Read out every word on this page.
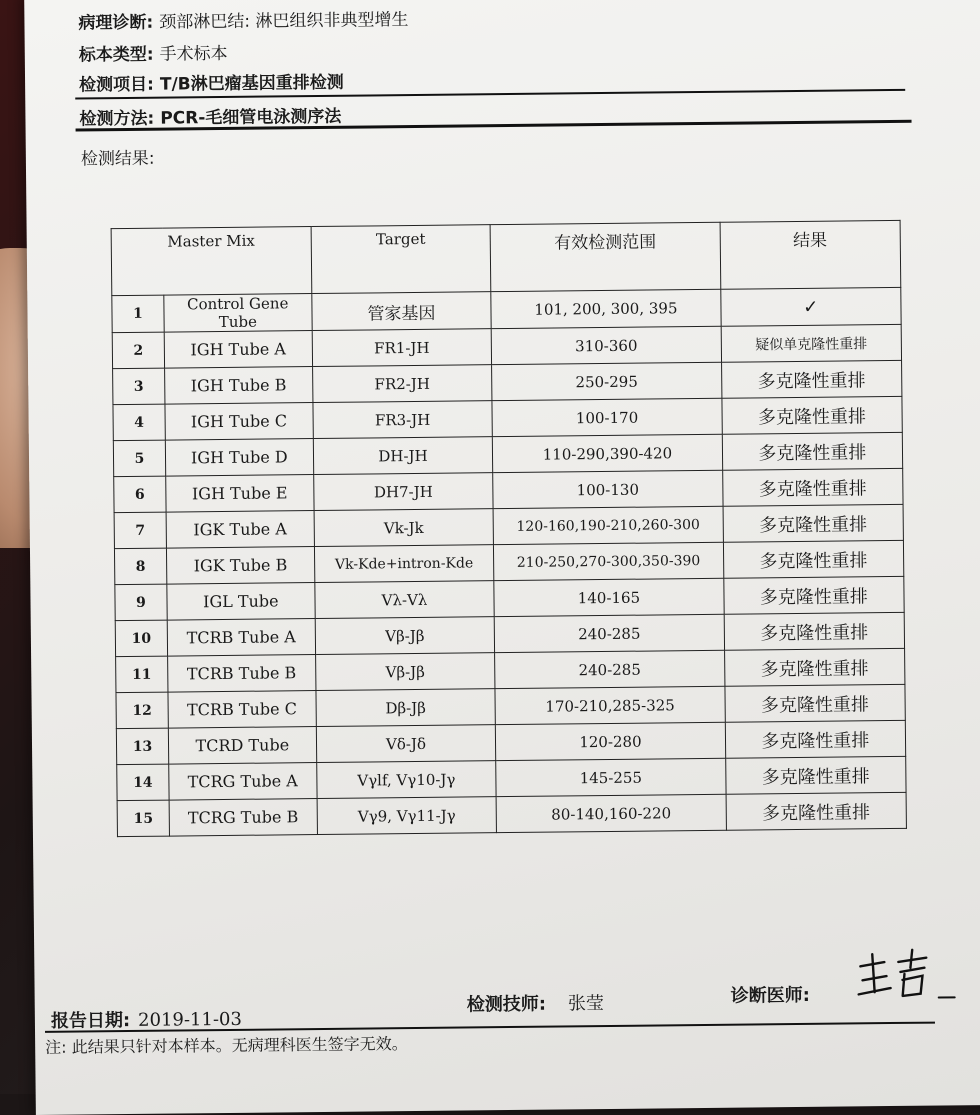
病理诊断: 颈部淋巴结: 淋巴组织非典型增生
标本类型: 手术标本
检测项目: T/B淋巴瘤基因重排检测
检测方法: PCR-毛细管电泳测序法
检测结果:
Master Mix		Target	有效检测范围	结果
1	Control Gene Tube	管家基因	101, 200, 300, 395	✓
2	IGH Tube A	FR1-JH	310-360	疑似单克隆性重排
3	IGH Tube B	FR2-JH	250-295	多克隆性重排
4	IGH Tube C	FR3-JH	100-170	多克隆性重排
5	IGH Tube D	DH-JH	110-290,390-420	多克隆性重排
6	IGH Tube E	DH7-JH	100-130	多克隆性重排
7	IGK Tube A	Vk-Jk	120-160,190-210,260-300	多克隆性重排
8	IGK Tube B	Vk-Kde+intron-Kde	210-250,270-300,350-390	多克隆性重排
9	IGL Tube	Vλ-Vλ	140-165	多克隆性重排
10	TCRB Tube A	Vβ-Jβ	240-285	多克隆性重排
11	TCRB Tube B	Vβ-Jβ	240-285	多克隆性重排
12	TCRB Tube C	Dβ-Jβ	170-210,285-325	多克隆性重排
13	TCRD Tube	Vδ-Jδ	120-280	多克隆性重排
14	TCRG Tube A	Vγlf, Vγ10-Jγ	145-255	多克隆性重排
15	TCRG Tube B	Vγ9, Vγ11-Jγ	80-140,160-220	多克隆性重排
报告日期: 2019-11-03
检测技师: 张莹	诊断医师:
注: 此结果只针对本样本。无病理科医生签字无效。
